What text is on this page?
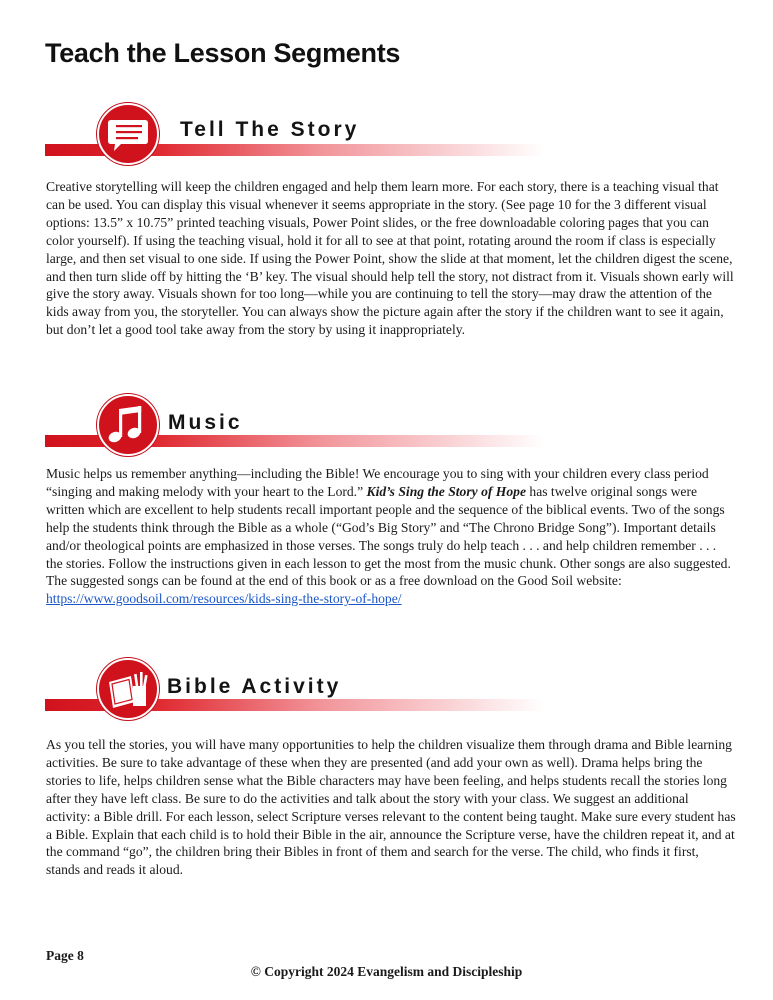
Teach the Lesson Segments
Tell The Story

Creative storytelling will keep the children engaged and help them learn more. For each story, there is a teaching visual that can be used. You can display this visual whenever it seems appropriate in the story. (See page 10 for the 3 different visual options: 13.5” x 10.75” printed teaching visuals, Power Point slides, or the free downloadable coloring pages that you can color yourself). If using the teaching visual, hold it for all to see at that point, rotating around the room if class is especially large, and then set visual to one side. If using the Power Point, show the slide at that moment, let the children digest the scene, and then turn slide off by hitting the ‘B’ key. The visual should help tell the story, not distract from it. Visuals shown early will give the story away. Visuals shown for too long—while you are continuing to tell the story—may draw the attention of the kids away from you, the storyteller. You can always show the picture again after the story if the children want to see it again, but don’t let a good tool take away from the story by using it inappropriately.

Music

Music helps us remember anything—including the Bible! We encourage you to sing with your children every class period “singing and making melody with your heart to the Lord.” Kid’s Sing the Story of Hope has twelve original songs were written which are excellent to help students recall important people and the sequence of the biblical events. Two of the songs help the students think through the Bible as a whole (“God’s Big Story” and “The Chrono Bridge Song”). Important details and/or theological points are emphasized in those verses. The songs truly do help teach . . . and help children remember . . . the stories. Follow the instructions given in each lesson to get the most from the music chunk. Other songs are also suggested. The suggested songs can be found at the end of this book or as a free download on the Good Soil website: https://www.goodsoil.com/resources/kids-sing-the-story-of-hope/

Bible Activity

As you tell the stories, you will have many opportunities to help the children visualize them through drama and Bible learning activities. Be sure to take advantage of these when they are presented (and add your own as well). Drama helps bring the stories to life, helps children sense what the Bible characters may have been feeling, and helps students recall the stories long after they have left class. Be sure to do the activities and talk about the story with your class. We suggest an additional activity: a Bible drill. For each lesson, select Scripture verses relevant to the content being taught. Make sure every student has a Bible. Explain that each child is to hold their Bible in the air, announce the Scripture verse, have the children repeat it, and at the command “go”, the children bring their Bibles in front of them and search for the verse. The child, who finds it first, stands and reads it aloud.

Page 8

© Copyright 2024 Evangelism and Discipleship
